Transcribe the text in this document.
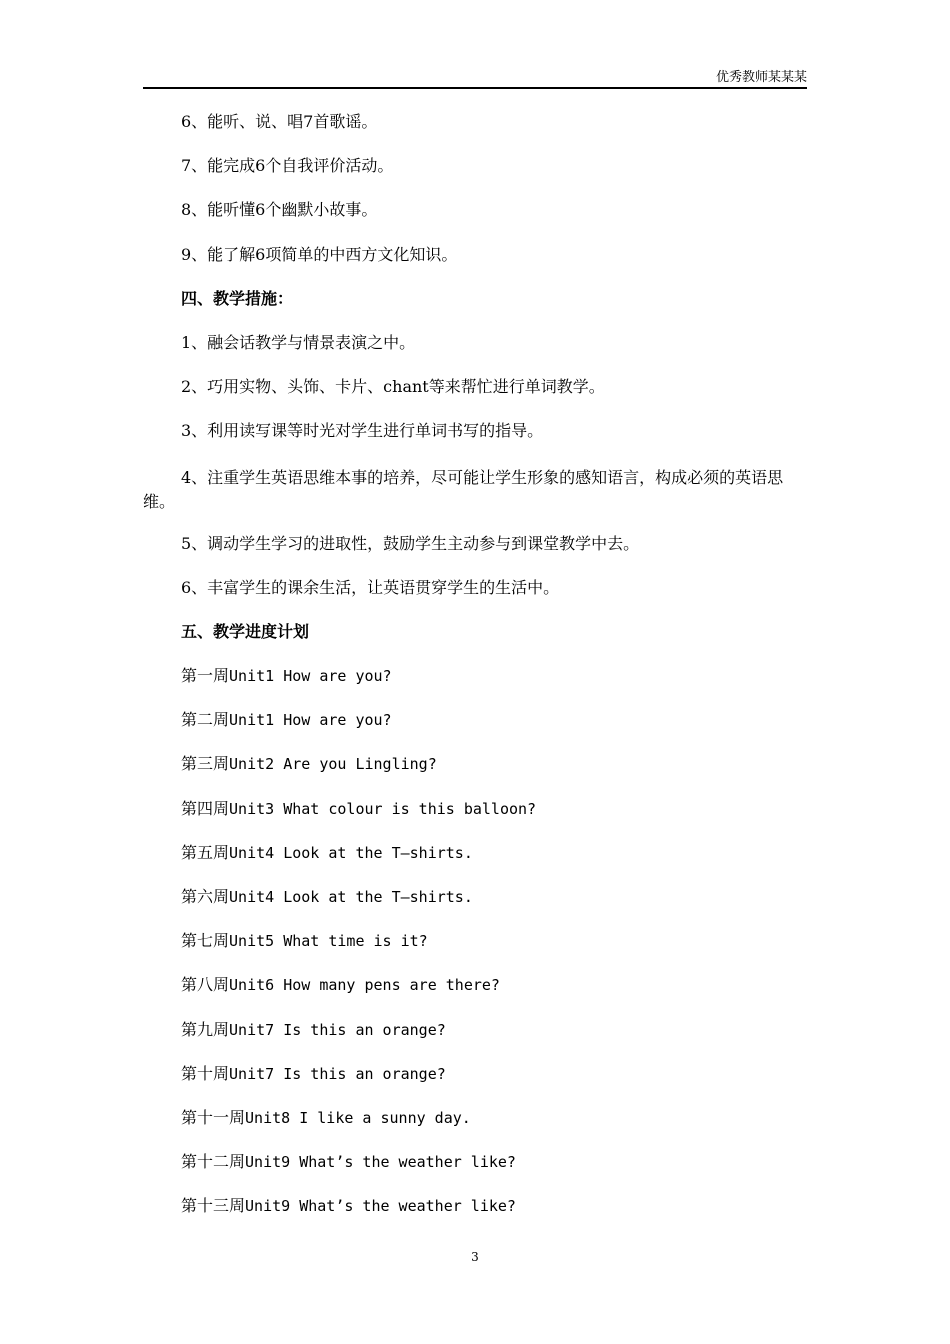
优秀教师某某某
6、能听、说、唱7首歌谣。
7、能完成6个自我评价活动。
8、能听懂6个幽默小故事。
9、能了解6项简单的中西方文化知识。
四、教学措施：
1、融会话教学与情景表演之中。
2、巧用实物、头饰、卡片、chant等来帮忙进行单词教学。
3、利用读写课等时光对学生进行单词书写的指导。
4、注重学生英语思维本事的培养，尽可能让学生形象的感知语言，构成必须的英语思维。
5、调动学生学习的进取性，鼓励学生主动参与到课堂教学中去。
6、丰富学生的课余生活，让英语贯穿学生的生活中。
五、教学进度计划
第一周Unit1 How are you?
第二周Unit1 How are you?
第三周Unit2 Are you Lingling?
第四周Unit3 What colour is this balloon?
第五周Unit4 Look at the T—shirts.
第六周Unit4 Look at the T—shirts.
第七周Unit5 What time is it?
第八周Unit6 How many pens are there?
第九周Unit7 Is this an orange?
第十周Unit7 Is this an orange?
第十一周Unit8 I like a sunny day.
第十二周Unit9 What’s the weather like?
第十三周Unit9 What’s the weather like?
3
